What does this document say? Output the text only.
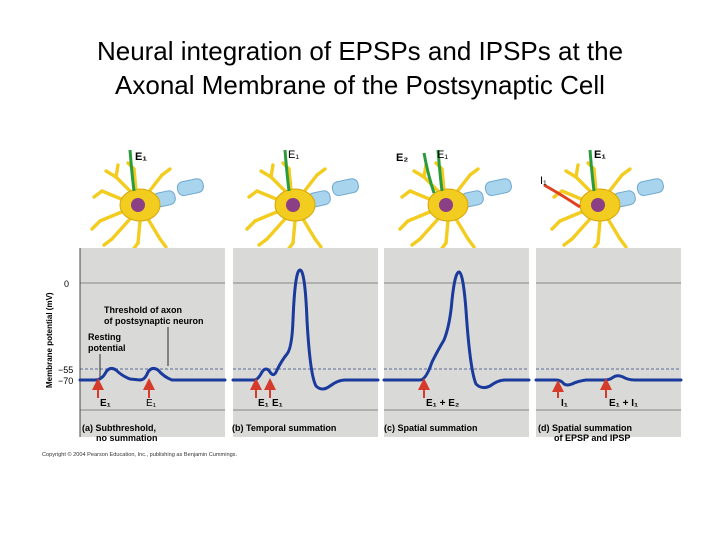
Neural integration of EPSPs and IPSPs at the
Axonal Membrane of the Postsynaptic Cell
E₁	E₁	E₂	E₁
I₁
E₁
Membrane potential (mV)
0
−55
−70
Threshold of axon
of postsynaptic neuron
Resting
potential
E₁	E₁	E₁ E₁	E₁ + E₂	I₁	E₁ + I₁
(a) Subthreshold,
no summation
(b) Temporal summation	(c) Spatial summation	(d) Spatial summation
of EPSP and IPSP
Copyright © 2004 Pearson Education, Inc., publishing as Benjamin Cummings.
